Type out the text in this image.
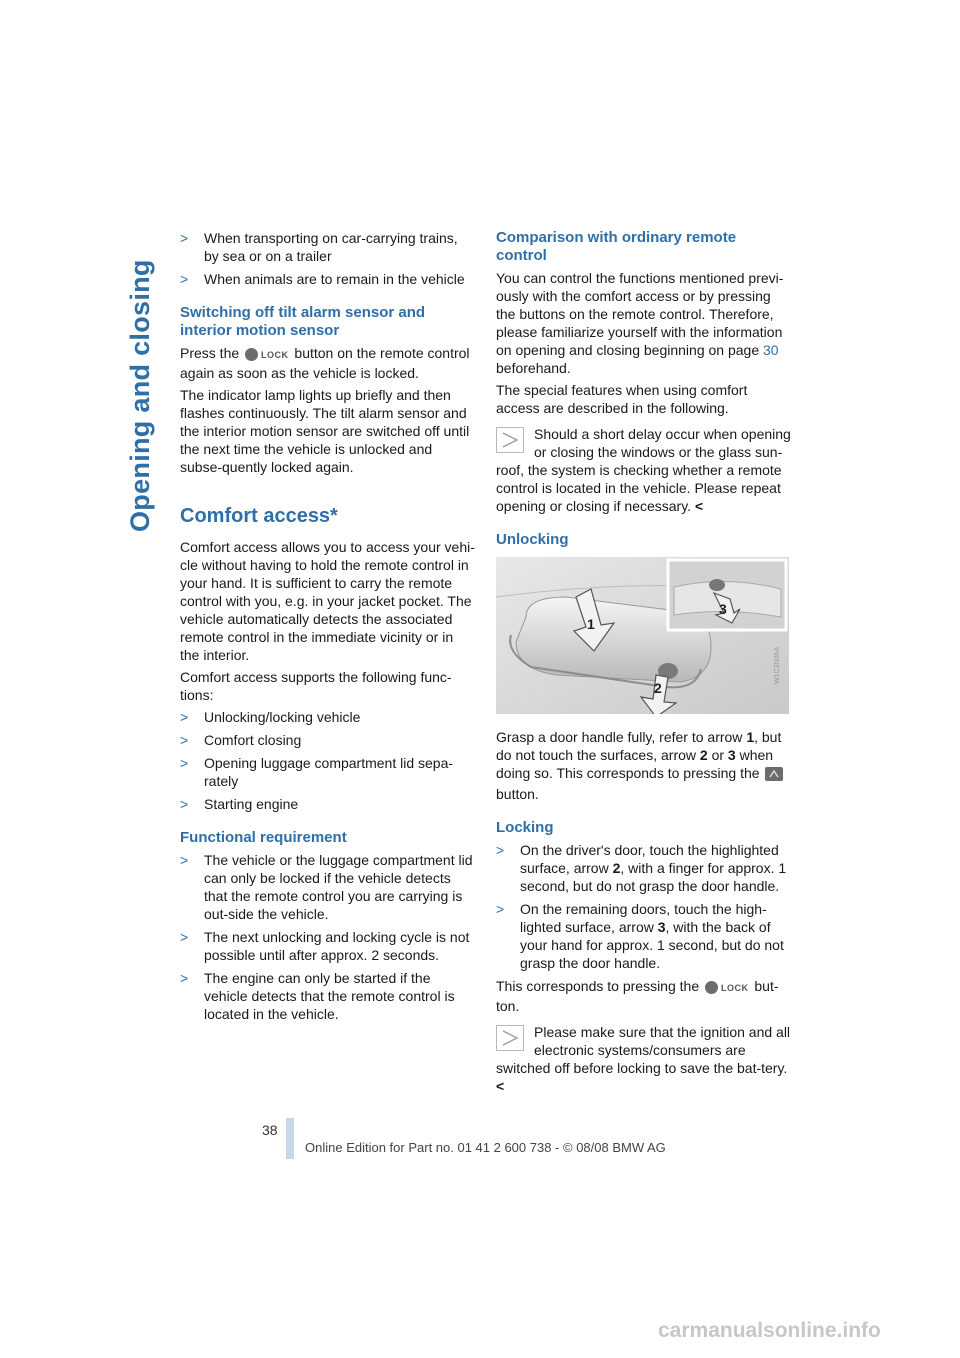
Opening and closing
> When transporting on car-carrying trains, by sea or on a trailer
> When animals are to remain in the vehicle
Switching off tilt alarm sensor and interior motion sensor

Press the LOCK button on the remote control again as soon as the vehicle is locked.

The indicator lamp lights up briefly and then flashes continuously. The tilt alarm sensor and the interior motion sensor are switched off until the next time the vehicle is unlocked and subse-quently locked again.

Comfort access*

Comfort access allows you to access your vehi-cle without having to hold the remote control in your hand. It is sufficient to carry the remote control with you, e.g. in your jacket pocket. The vehicle automatically detects the associated remote control in the immediate vicinity or in the interior.

Comfort access supports the following func-tions:

> Unlocking/locking vehicle
> Comfort closing
> Opening luggage compartment lid sepa-rately
> Starting engine
Functional requirement
> The vehicle or the luggage compartment lid can only be locked if the vehicle detects that the remote control you are carrying is out-side the vehicle.
> The next unlocking and locking cycle is not possible until after approx. 2 seconds.
> The engine can only be started if the vehicle detects that the remote control is located in the vehicle.
Comparison with ordinary remote control

You can control the functions mentioned previ-ously with the comfort access or by pressing the buttons on the remote control. Therefore, please familiarize yourself with the information on opening and closing beginning on page 30 beforehand.

The special features when using comfort access are described in the following.

Should a short delay occur when opening or closing the windows or the glass sun-roof, the system is checking whether a remote control is located in the vehicle. Please repeat opening or closing if necessary. <
Unlocking
1
2
3
W1C3N06A

Grasp a door handle fully, refer to arrow 1, but do not touch the surfaces, arrow 2 or 3 when doing so. This corresponds to pressing the  button.

Locking
> On the driver's door, touch the highlighted surface, arrow 2, with a finger for approx. 1 second, but do not grasp the door handle.
> On the remaining doors, touch the high-lighted surface, arrow 3, with the back of your hand for approx. 1 second, but do not grasp the door handle.

This corresponds to pressing the LOCK but-ton.

Please make sure that the ignition and all electronic systems/consumers are switched off before locking to save the bat-tery. <
38
Online Edition for Part no. 01 41 2 600 738 - © 08/08 BMW AG
carmanualsonline.info
